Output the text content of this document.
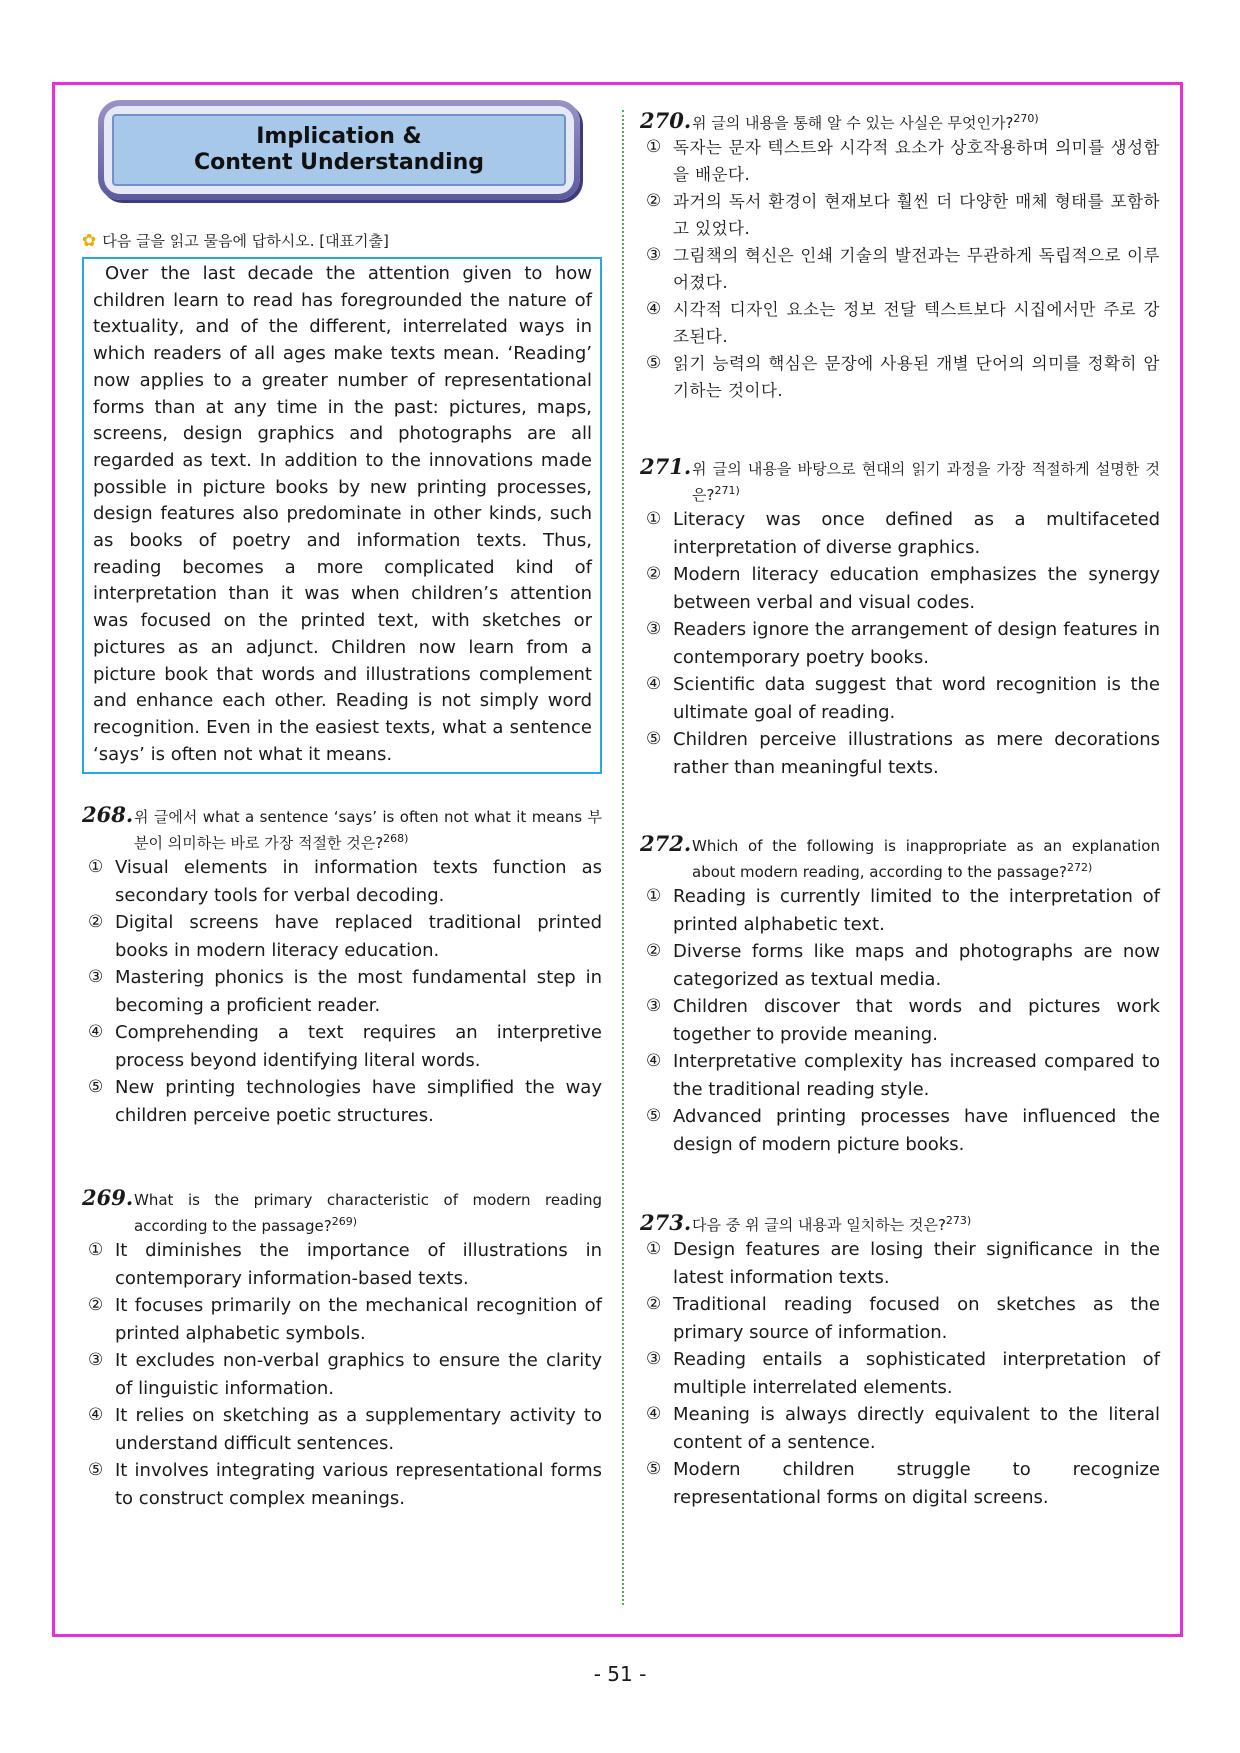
Implication &
Content Understanding
✿ 다음 글을 읽고 물음에 답하시오. [대표기출]
Over the last decade the attention given to how children learn to read has foregrounded the nature of textuality, and of the different, interrelated ways in which readers of all ages make texts mean. ‘Reading’ now applies to a greater number of representational forms than at any time in the past: pictures, maps, screens, design graphics and photographs are all regarded as text. In addition to the innovations made possible in picture books by new printing processes, design features also predominate in other kinds, such as books of poetry and information texts. Thus, reading becomes a more complicated kind of interpretation than it was when children’s attention was focused on the printed text, with sketches or pictures as an adjunct. Children now learn from a picture book that words and illustrations complement and enhance each other. Reading is not simply word recognition. Even in the easiest texts, what a sentence ‘says’ is often not what it means.
268. 위 글에서 what a sentence ‘says’ is often not what it means 부분이 의미하는 바로 가장 적절한 것은?$^{268)}$
① Visual elements in information texts function as secondary tools for verbal decoding.
② Digital screens have replaced traditional printed books in modern literacy education.
③ Mastering phonics is the most fundamental step in becoming a proficient reader.
④ Comprehending a text requires an interpretive process beyond identifying literal words.
⑤ New printing technologies have simplified the way children perceive poetic structures.
269. What is the primary characteristic of modern reading according to the passage?$^{269)}$
① It diminishes the importance of illustrations in contemporary information-based texts.
② It focuses primarily on the mechanical recognition of printed alphabetic symbols.
③ It excludes non-verbal graphics to ensure the clarity of linguistic information.
④ It relies on sketching as a supplementary activity to understand difficult sentences.
⑤ It involves integrating various representational forms to construct complex meanings.
270. 위 글의 내용을 통해 알 수 있는 사실은 무엇인가?$^{270)}$
① 독자는 문자 텍스트와 시각적 요소가 상호작용하며 의미를 생성함을 배운다.
② 과거의 독서 환경이 현재보다 훨씬 더 다양한 매체 형태를 포함하고 있었다.
③ 그림책의 혁신은 인쇄 기술의 발전과는 무관하게 독립적으로 이루어졌다.
④ 시각적 디자인 요소는 정보 전달 텍스트보다 시집에서만 주로 강조된다.
⑤ 읽기 능력의 핵심은 문장에 사용된 개별 단어의 의미를 정확히 암기하는 것이다.
271. 위 글의 내용을 바탕으로 현대의 읽기 과정을 가장 적절하게 설명한 것은?$^{271)}$
① Literacy was once defined as a multifaceted interpretation of diverse graphics.
② Modern literacy education emphasizes the synergy between verbal and visual codes.
③ Readers ignore the arrangement of design features in contemporary poetry books.
④ Scientific data suggest that word recognition is the ultimate goal of reading.
⑤ Children perceive illustrations as mere decorations rather than meaningful texts.
272. Which of the following is inappropriate as an explanation about modern reading, according to the passage?$^{272)}$
① Reading is currently limited to the interpretation of printed alphabetic text.
② Diverse forms like maps and photographs are now categorized as textual media.
③ Children discover that words and pictures work together to provide meaning.
④ Interpretative complexity has increased compared to the traditional reading style.
⑤ Advanced printing processes have influenced the design of modern picture books.
273. 다음 중 위 글의 내용과 일치하는 것은?$^{273)}$
① Design features are losing their significance in the latest information texts.
② Traditional reading focused on sketches as the primary source of information.
③ Reading entails a sophisticated interpretation of multiple interrelated elements.
④ Meaning is always directly equivalent to the literal content of a sentence.
⑤ Modern children struggle to recognize representational forms on digital screens.
- 51 -
